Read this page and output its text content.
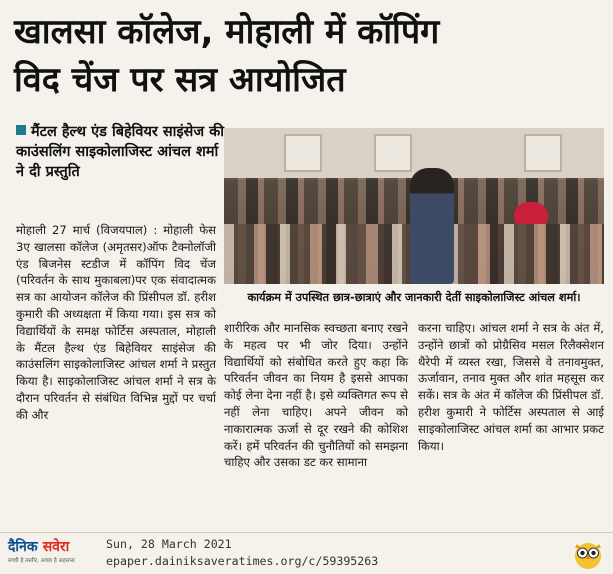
खालसा कॉलेज, मोहाली में कॉपिंग
विद चेंज पर सत्र आयोजित
मैंटल हैल्थ एंड बिहेवियर साइंसेज की काउंसलिंग साइकोलाजिस्ट आंचल शर्मा ने दी प्रस्तुति
कार्यक्रम में उपस्थित छात्र-छात्राएं और जानकारी देतीं साइकोलाजिस्ट आंचल शर्मा।

मोहाली 27 मार्च (विजयपाल) : मोहाली फेस 3ए खालसा कॉलेज (अमृतसर)ऑफ टैक्नोलॉजी एंड बिजनेस स्टडीज में कॉपिंग विद चेंज (परिवर्तन के साथ मुकाबला)पर एक संवादात्मक सत्र का आयोजन कॉलेज की प्रिंसीपल डॉ. हरीश कुमारी की अध्यक्षता में किया गया। इस सत्र को विद्यार्थियों के समक्ष फोर्टिस अस्पताल, मोहाली के मैंटल हैल्थ एंड बिहेवियर साइंसेज की काउंसलिंग साइकोलाजिस्ट आंचल शर्मा ने प्रस्तुत किया है। साइकोलाजिस्ट आंचल शर्मा ने सत्र के दौरान परिवर्तन से संबंधित विभिन्न मुद्दों पर चर्चा की और

शारीरिक और मानसिक स्वच्छता बनाए रखने के महत्व पर भी जोर दिया। उन्होंने विद्यार्थियों को संबोधित करते हुए कहा कि परिवर्तन जीवन का नियम है इससे आपका कोई लेना देना नहीं है। इसे व्यक्तिगत रूप से नहीं लेना चाहिए। अपने जीवन को नाकारात्मक ऊर्जा से दूर रखने की कोशिश करें। हमें परिवर्तन की चुनौतियों को समझना चाहिए और उसका डट कर सामाना

करना चाहिए। आंचल शर्मा ने सत्र के अंत में, उन्होंने छात्रों को प्रोग्रैसिव मसल रिलैक्सेशन थैरेपी में व्यस्त रखा, जिससे वे तनावमुक्त, ऊर्जावान, तनाव मुक्त और शांत महसूस कर सकें। सत्र के अंत में कॉलेज की प्रिंसीपल डॉ. हरीश कुमारी ने फोर्टिस अस्पताल से आई साइकोलाजिस्ट आंचल शर्मा का आभार प्रकट किया।

दैनिक सवेरा
सच्ची है तस्वीर, अच्छा है अहसास
Sun, 28 March 2021
epaper.dainiksaveratimes.org/c/59395263
